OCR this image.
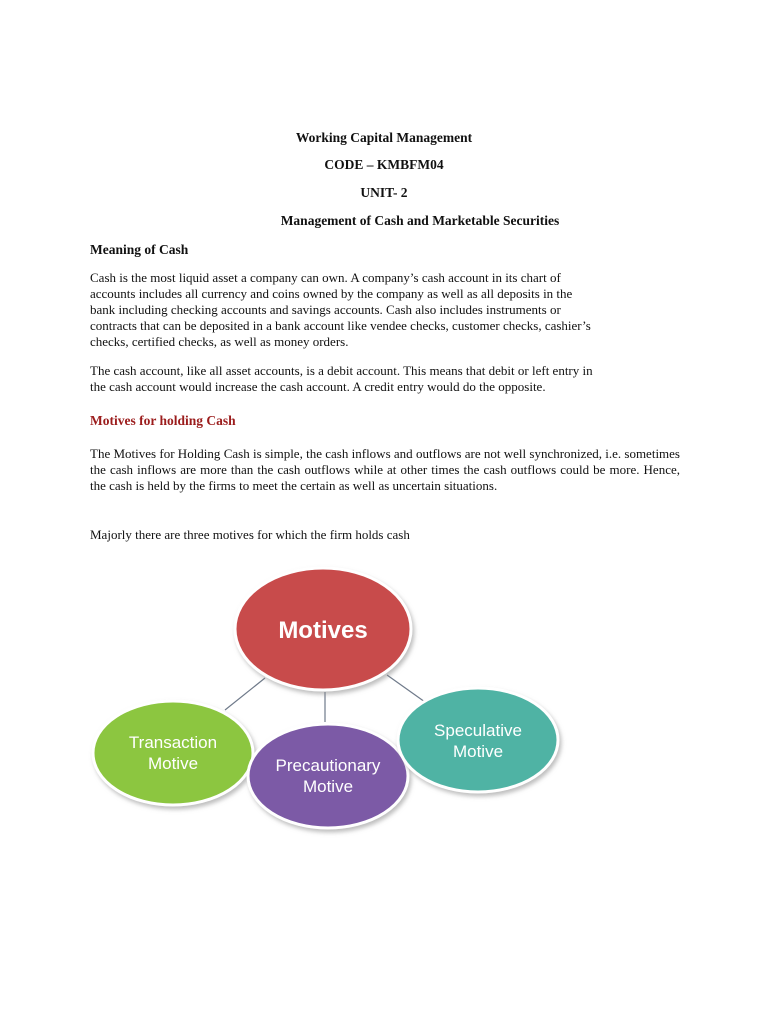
Working Capital Management

CODE – KMBFM04

UNIT- 2

Management of Cash and Marketable Securities

Meaning of Cash

Cash is the most liquid asset a company can own. A company’s cash account in its chart of
accounts includes all currency and coins owned by the company as well as all deposits in the
bank including checking accounts and savings accounts. Cash also includes instruments or
contracts that can be deposited in a bank account like vendee checks, customer checks, cashier’s
checks, certified checks, as well as money orders.
The cash account, like all asset accounts, is a debit account. This means that debit or left entry in
the cash account would increase the cash account. A credit entry would do the opposite.

Motives for holding Cash

The Motives for Holding Cash is simple, the cash inflows and outflows are not well synchronized, i.e. sometimes the cash inflows are more than the cash outflows while at other times the cash outflows could be more. Hence, the cash is held by the firms to meet the certain as well as uncertain situations.

Majorly there are three motives for which the firm holds cash

Motives
Transaction
Motive	Precautionary
Motive
Speculative
Motive
